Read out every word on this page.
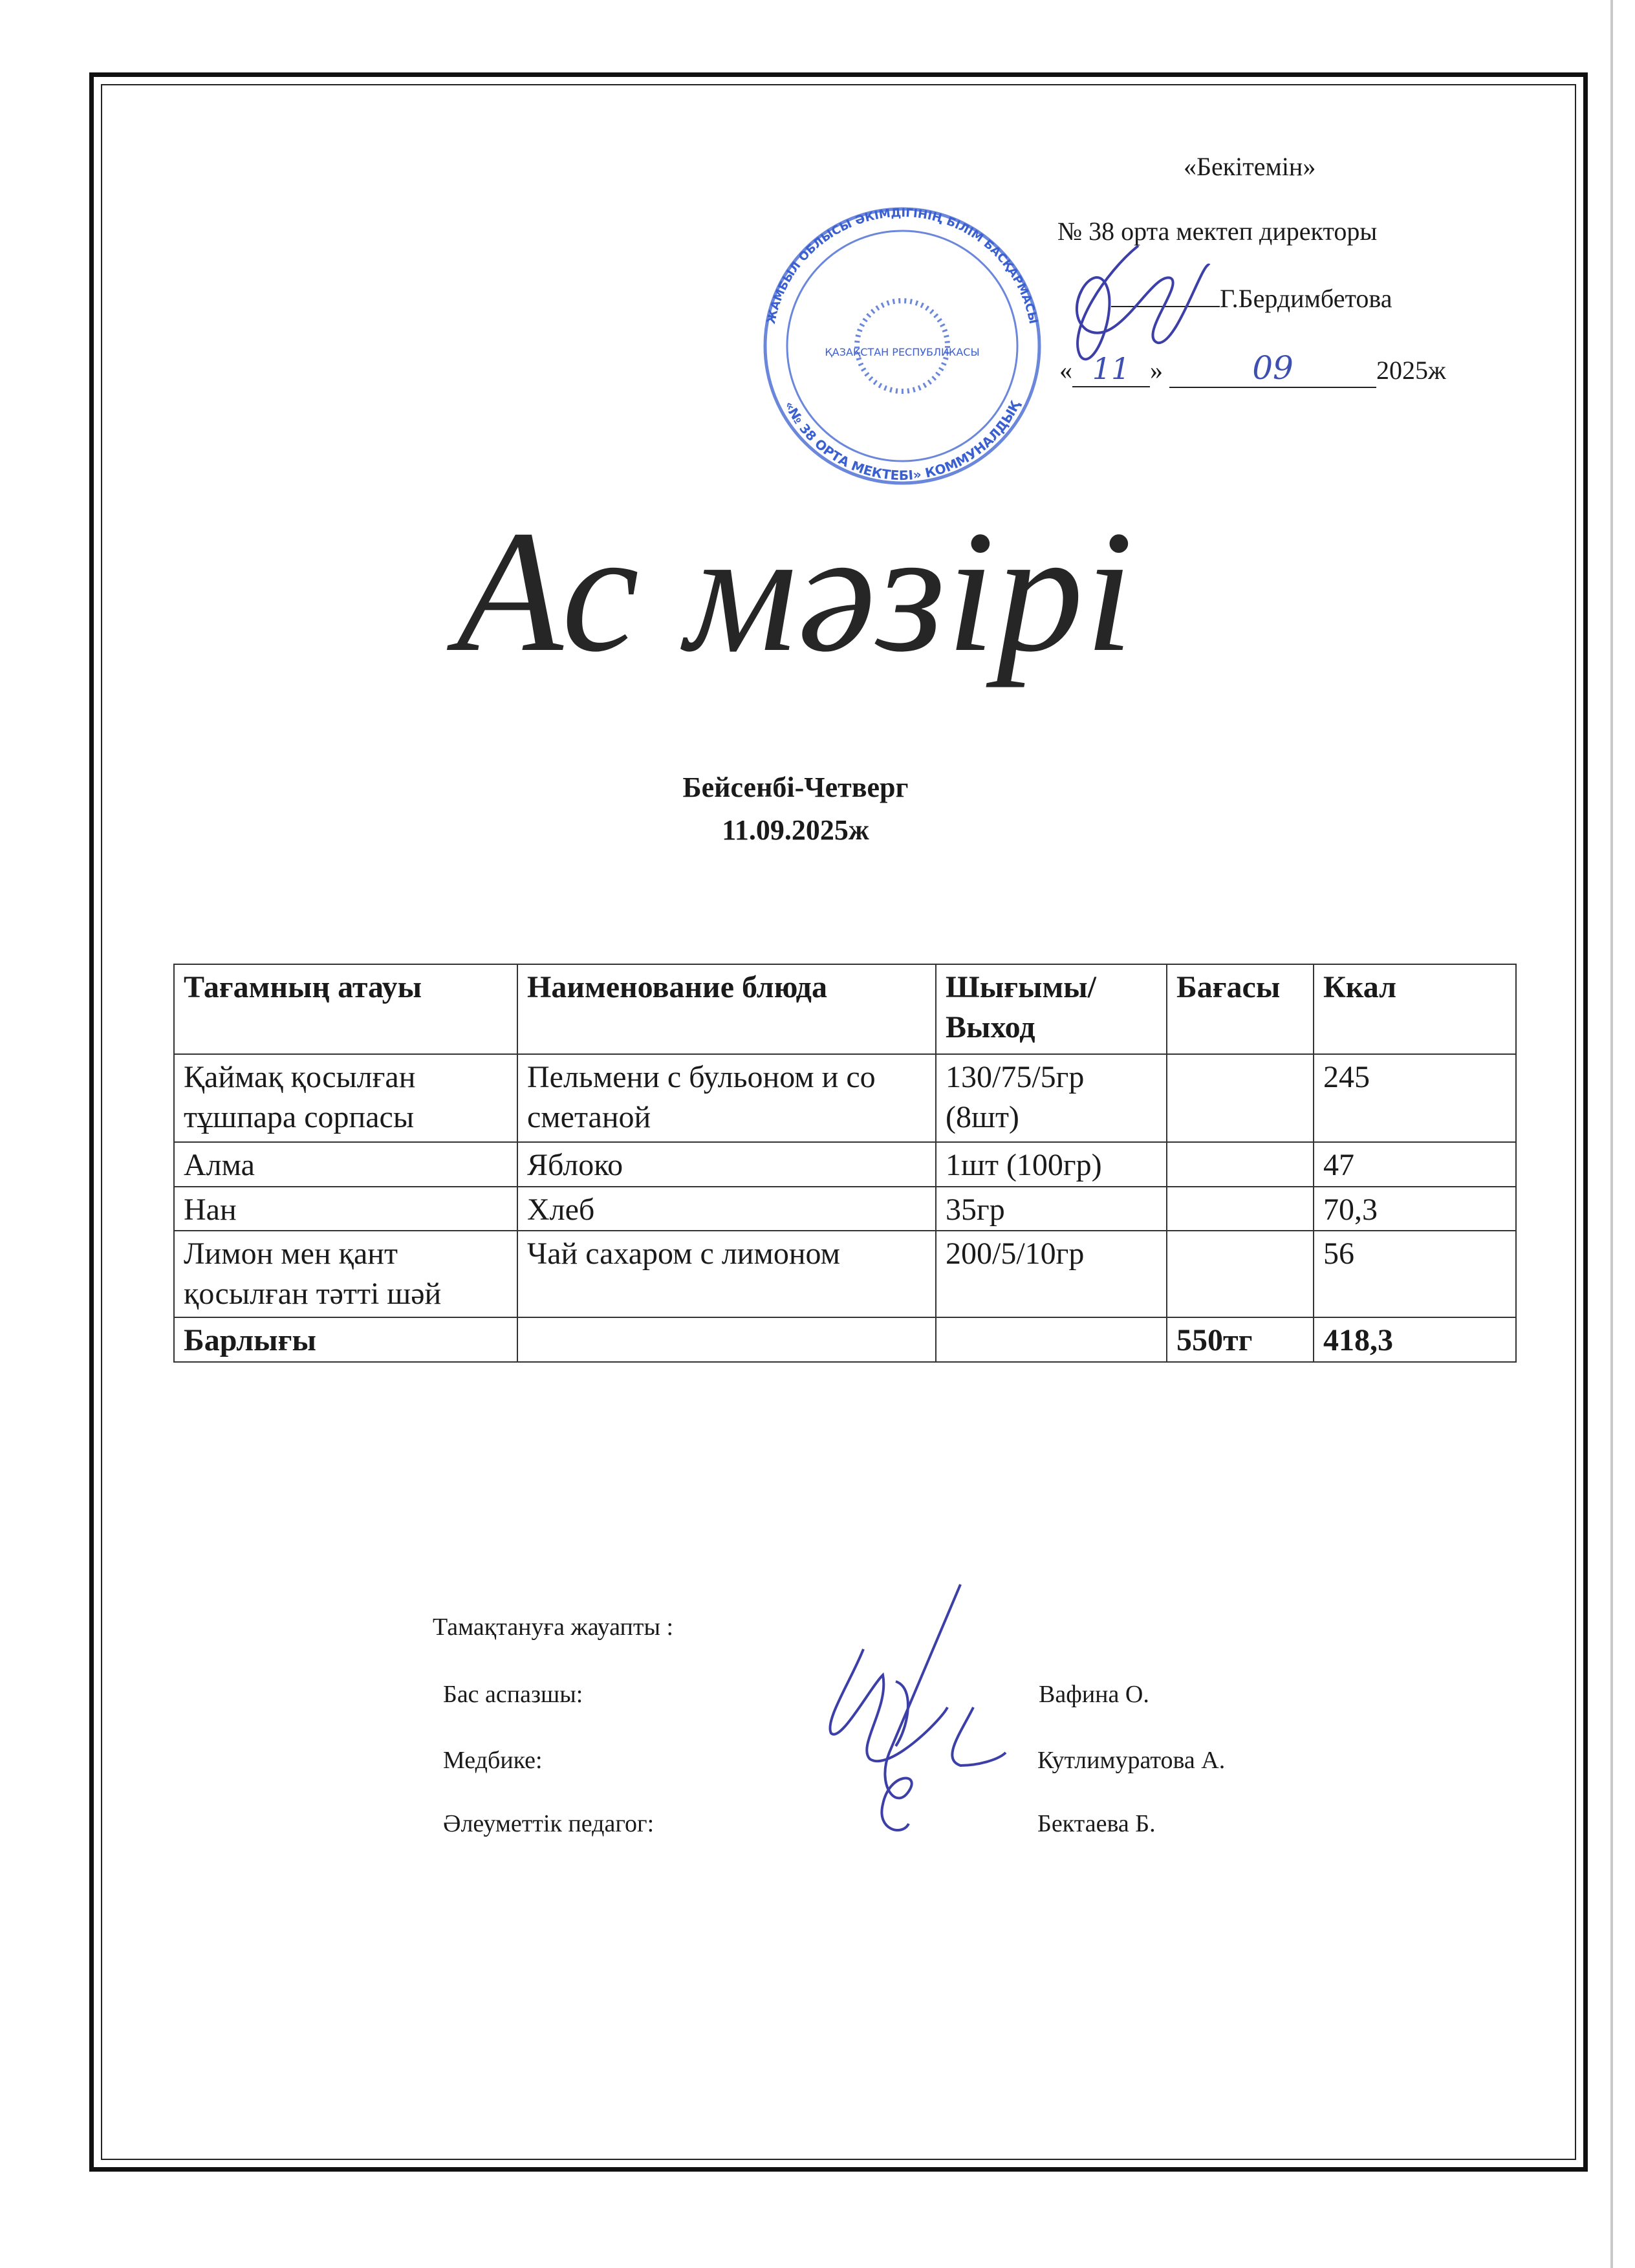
ЖАМБЫЛ ОБЛЫСЫ ӘКІМДІГІНІҢ БІЛІМ БАСҚАРМАСЫ
«№ 38 ОРТА МЕКТЕБІ» КОММУНАЛДЫҚ
ҚАЗАҚСТАН РЕСПУБЛИКАСЫ
«Бекітемін»
№ 38 орта мектеп директоры
Г.Бердимбетова
« 11 »	09	2025ж
Ас мәзірі
Бейсенбі-Четверг
11.09.2025ж
Тағамның атауы	Наименование блюда	Шығымы/ Выход	Бағасы	Ккал
Қаймақ қосылған тұшпара сорпасы	Пельмени с бульоном и со сметаной	130/75/5гр (8шт)		245
Алма	Яблоко	1шт (100гр)		47
Нан	Хлеб	35гр		70,3
Лимон мен қант қосылған тәтті шәй	Чай сахаром с лимоном	200/5/10гр		56
Барлығы			550тг	418,3
Тамақтануға жауапты :
Бас аспазшы:	Вафина О.
Медбике:	Кутлимуратова А.
Әлеуметтік педагог:	Бектаева Б.
